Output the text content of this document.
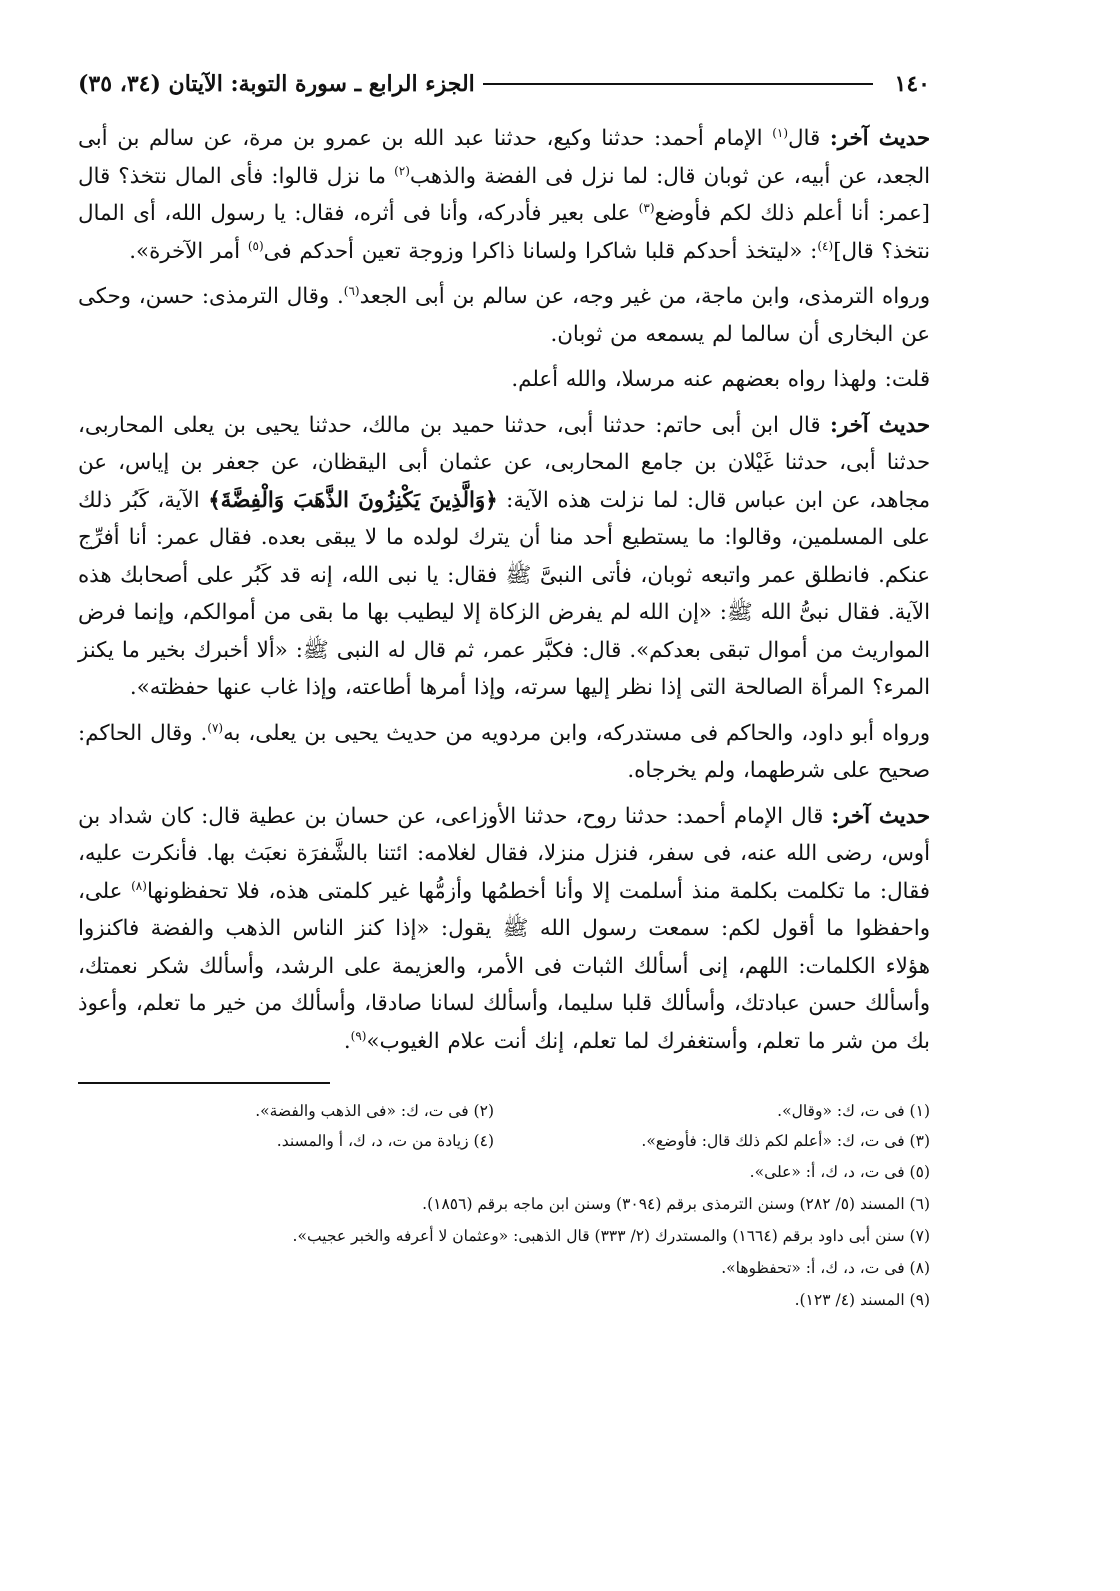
١٤٠
الجزء الرابع ـ سورة التوبة: الآيتان (٣٤، ٣٥)

حديث آخر: قال$^{(١)}$ الإمام أحمد: حدثنا وكيع، حدثنا عبد الله بن عمرو بن مرة، عن سالم بن أبى الجعد، عن أبيه، عن ثوبان قال: لما نزل فى الفضة والذهب$^{(٢)}$ ما نزل قالوا: فأى المال نتخذ؟ قال [عمر: أنا أعلم ذلك لكم فأوضع$^{(٣)}$ على بعير فأدركه، وأنا فى أثره، فقال: يا رسول الله، أى المال نتخذ؟ قال]$^{(٤)}$: «ليتخذ أحدكم قلبا شاكرا ولسانا ذاكرا وزوجة تعين أحدكم فى$^{(٥)}$ أمر الآخرة».

ورواه الترمذى، وابن ماجة، من غير وجه، عن سالم بن أبى الجعد$^{(٦)}$. وقال الترمذى: حسن، وحكى عن البخارى أن سالما لم يسمعه من ثوبان.

قلت: ولهذا رواه بعضهم عنه مرسلا، والله أعلم.

حديث آخر: قال ابن أبى حاتم: حدثنا أبى، حدثنا حميد بن مالك، حدثنا يحيى بن يعلى المحاربى، حدثنا أبى، حدثنا غَيْلان بن جامع المحاربى، عن عثمان أبى اليقظان، عن جعفر بن إياس، عن مجاهد، عن ابن عباس قال: لما نزلت هذه الآية: ﴿وَالَّذِينَ يَكْنِزُونَ الذَّهَبَ وَالْفِضَّةَ﴾ الآية، كَبُر ذلك على المسلمين، وقالوا: ما يستطيع أحد منا أن يترك لولده ما لا يبقى بعده. فقال عمر: أنا أفرِّج عنكم. فانطلق عمر واتبعه ثوبان، فأتى النبىَّ ﷺ فقال: يا نبى الله، إنه قد كَبُر على أصحابك هذه الآية. فقال نبىُّ الله ﷺ: «إن الله لم يفرض الزكاة إلا ليطيب بها ما بقى من أموالكم، وإنما فرض المواريث من أموال تبقى بعدكم». قال: فكبَّر عمر، ثم قال له النبى ﷺ: «ألا أخبرك بخير ما يكنز المرء؟ المرأة الصالحة التى إذا نظر إليها سرته، وإذا أمرها أطاعته، وإذا غاب عنها حفظته».

ورواه أبو داود، والحاكم فى مستدركه، وابن مردويه من حديث يحيى بن يعلى، به$^{(٧)}$. وقال الحاكم: صحيح على شرطهما، ولم يخرجاه.

حديث آخر: قال الإمام أحمد: حدثنا روح، حدثنا الأوزاعى، عن حسان بن عطية قال: كان شداد بن أوس، رضى الله عنه، فى سفر، فنزل منزلا، فقال لغلامه: ائتنا بالشَّفرَة نعبَث بها. فأنكرت عليه، فقال: ما تكلمت بكلمة منذ أسلمت إلا وأنا أخطمُها وأزمُّها غير كلمتى هذه، فلا تحفظونها$^{(٨)}$ على، واحفظوا ما أقول لكم: سمعت رسول الله ﷺ يقول: «إذا كنز الناس الذهب والفضة فاكنزوا هؤلاء الكلمات: اللهم، إنى أسألك الثبات فى الأمر، والعزيمة على الرشد، وأسألك شكر نعمتك، وأسألك حسن عبادتك، وأسألك قلبا سليما، وأسألك لسانا صادقا، وأسألك من خير ما تعلم، وأعوذ بك من شر ما تعلم، وأستغفرك لما تعلم، إنك أنت علام الغيوب»$^{(٩)}$.

(١) فى ت، ك: «وقال».
(٢) فى ت، ك: «فى الذهب والفضة».
(٣) فى ت، ك: «أعلم لكم ذلك قال: فأوضع».
(٤) زيادة من ت، د، ك، أ والمسند.
(٥) فى ت، د، ك، أ: «على».
(٦) المسند (٥/ ٢٨٢) وسنن الترمذى برقم (٣٠٩٤) وسنن ابن ماجه برقم (١٨٥٦).
(٧) سنن أبى داود برقم (١٦٦٤) والمستدرك (٢/ ٣٣٣) قال الذهبى: «وعثمان لا أعرفه والخبر عجيب».
(٨) فى ت، د، ك، أ: «تحفظوها».
(٩) المسند (٤/ ١٢٣).
